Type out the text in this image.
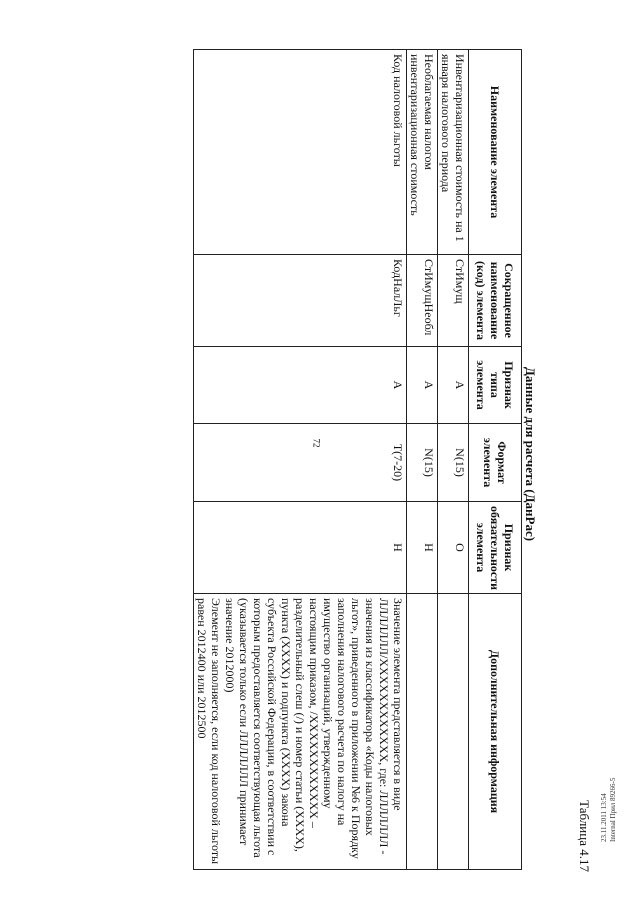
72
Таблица 4.17
Данные для расчета (ДанРас)
Наименование элемента	Сокращенное наименование (код) элемента	Признак типа элемента	Формат элемента	Признак обязательности элемента	Дополнительная информация
Инвентаризационная стоимость на 1 января налогового периода	СтИмущ	А	N(15)	О	
Необлагаемая налогом инвентаризационная стоимость	СтИмущНеобл	А	N(15)	Н	
Код налоговой льготы	КодНалЛьг	А	T(7-20)	Н	Значение элемента представляется в виде ЛЛЛЛЛЛЛ/ХХХХХХХХХХХХ, где: ЛЛЛЛЛЛЛ - значения из классификатора «Коды налоговых льгот», приведенного в приложении №6 к Порядку заполнения налогового расчета по налогу на имущество организаций, утвержденному настоящим приказом, /ХХХХХХХХХХХХ – разделительный слеш (/) и номер статьи (ХХХХ), пункта (ХХХХ) и подпункта (ХХХХ) закона субъекта Российской Федерации, в соответствии с которым предоставляется соответствующая льгота (указывается только если ЛЛЛЛЛЛЛ принимает значение 2012000)
Элемент не заполняется, если код налоговой льготы равен 2012400 или 2012500
23.11.2011 13:54 Internal Прил 89266-5
